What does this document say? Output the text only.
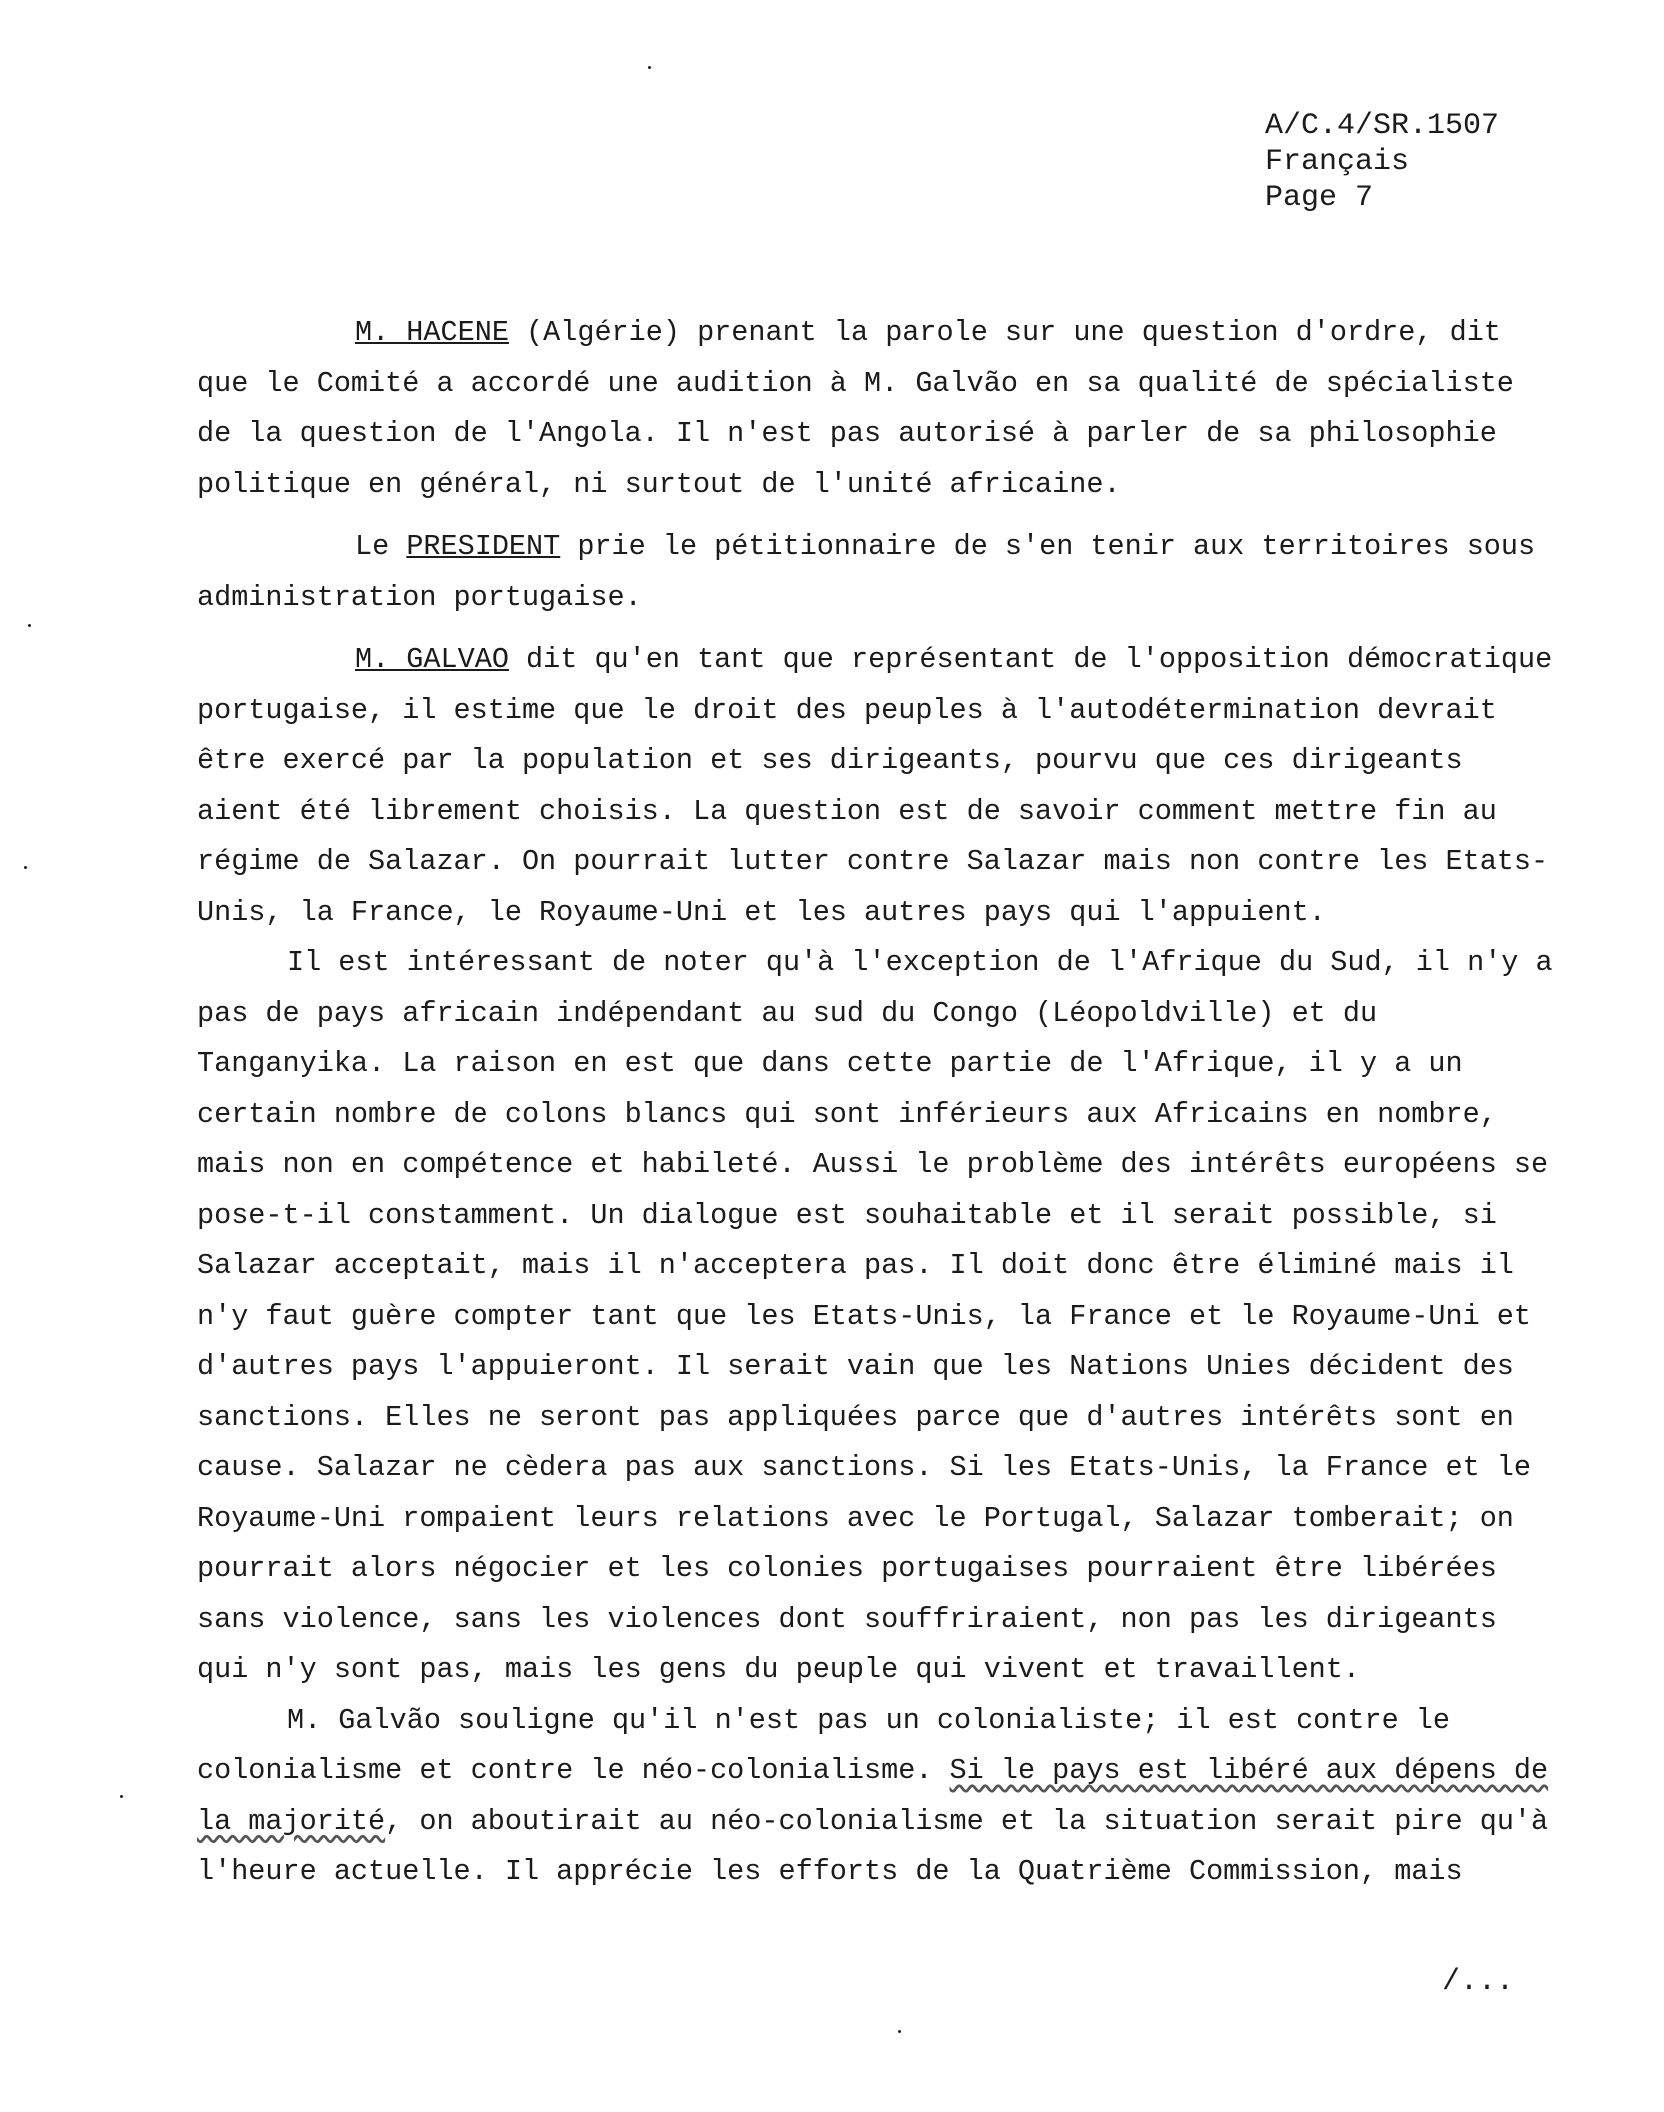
A/C.4/SR.1507
Français
Page 7

M. HACENE (Algérie) prenant la parole sur une question d'ordre, dit que le Comité a accordé une audition à M. Galvão en sa qualité de spécialiste de la question de l'Angola. Il n'est pas autorisé à parler de sa philosophie politique en général, ni surtout de l'unité africaine.

Le PRESIDENT prie le pétitionnaire de s'en tenir aux territoires sous administration portugaise.

M. GALVAO dit qu'en tant que représentant de l'opposition démocratique portugaise, il estime que le droit des peuples à l'autodétermination devrait être exercé par la population et ses dirigeants, pourvu que ces dirigeants aient été librement choisis. La question est de savoir comment mettre fin au régime de Salazar. On pourrait lutter contre Salazar mais non contre les Etats-Unis, la France, le Royaume-Uni et les autres pays qui l'appuient.

Il est intéressant de noter qu'à l'exception de l'Afrique du Sud, il n'y a pas de pays africain indépendant au sud du Congo (Léopoldville) et du Tanganyika. La raison en est que dans cette partie de l'Afrique, il y a un certain nombre de colons blancs qui sont inférieurs aux Africains en nombre, mais non en compétence et habileté. Aussi le problème des intérêts européens se pose-t-il constamment. Un dialogue est souhaitable et il serait possible, si Salazar acceptait, mais il n'acceptera pas. Il doit donc être éliminé mais il n'y faut guère compter tant que les Etats-Unis, la France et le Royaume-Uni et d'autres pays l'appuieront. Il serait vain que les Nations Unies décident des sanctions. Elles ne seront pas appliquées parce que d'autres intérêts sont en cause. Salazar ne cèdera pas aux sanctions. Si les Etats-Unis, la France et le Royaume-Uni rompaient leurs relations avec le Portugal, Salazar tomberait; on pourrait alors négocier et les colonies portugaises pourraient être libérées sans violence, sans les violences dont souffriraient, non pas les dirigeants qui n'y sont pas, mais les gens du peuple qui vivent et travaillent.

M. Galvão souligne qu'il n'est pas un colonialiste; il est contre le colonialisme et contre le néo-colonialisme. Si le pays est libéré aux dépens de la majorité, on aboutirait au néo-colonialisme et la situation serait pire qu'à l'heure actuelle. Il apprécie les efforts de la Quatrième Commission, mais

/...
